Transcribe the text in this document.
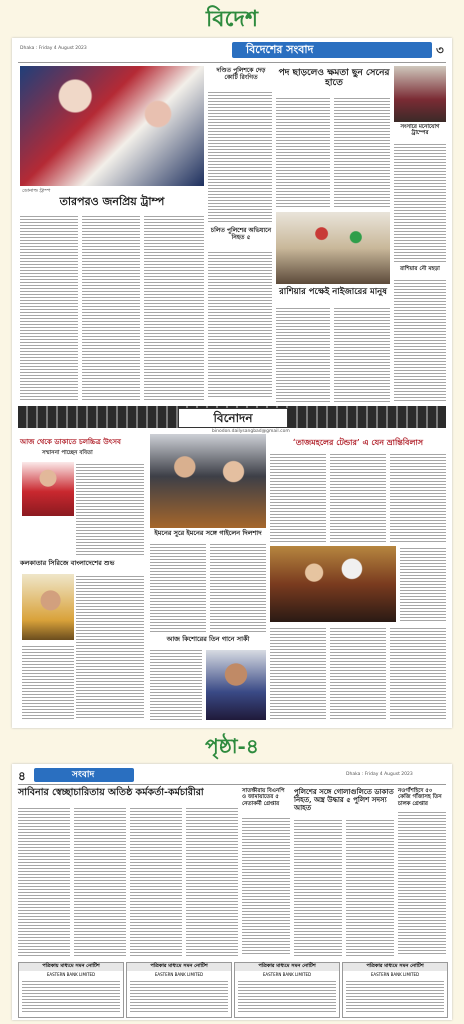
বিদেশ
Dhaka : Friday 4 August 2023	বিদেশের সংবাদ	৩
ডোনাল্ড ট্রাম্প
দণ্ডিত পুলিশকে দেড় কোটি রিংগিত
চলিত পুলিশের অভিযানে নিহত ৫
পদ ছাড়লেও ক্ষমতা ছুন সেনের হাতে
সংসারে মনোযোগ ট্রাম্পের
তারপরও জনপ্রিয় ট্রাম্প
রাশিয়ার পক্ষেই নাইজারের মানুষ
রাশিয়ার নৌ মহড়া
বিনোদন
binodon.dailysangbad@gmail.com
আজ থেকে ডাকাতে চলচ্চিত্র উৎসব
সম্মাননা পাচ্ছেন ববিতা
কলকাতার সিরিজে বাংলাদেশের শুভ
ইমনের সুরে ইমনের সঙ্গে গাইলেন দিলশাদ
আজ কিশোরের তিন গানে সাকী
‘তাজমহলের টেন্ডার’ এ যেন ভ্রান্তিবিলাস
পৃষ্ঠা-৪
৪	সংবাদ	Dhaka : Friday 4 August 2023
সাবিনার স্বেচ্ছাচারিতায় অতিষ্ঠ কর্মকর্তা-কর্মচারীরা	সাতক্ষীরায় বিএনপি ও জামায়াতের ৫ নেতাকর্মী গ্রেপ্তার
পুলিশের সঙ্গে গোলাগুলিতে ডাকাত নিহত, অস্ত্র উদ্ধার ৫ পুলিশ সদস্য আহত
নওগাঁশহিদে ৫০ কেজি গাঁজাসহ তিন চালক গ্রেপ্তার
পত্রিকায় মাধ্যমে সমন নোটিশ
EASTERN BANK LIMITED
পত্রিকার মাধ্যমে সমন নোটিশ
EASTERN BANK LIMITED
পত্রিকার মাধ্যমে সমন নোটিশ
EASTERN BANK LIMITED
পত্রিকার মাধ্যমে সমন নোটিশ
EASTERN BANK LIMITED
